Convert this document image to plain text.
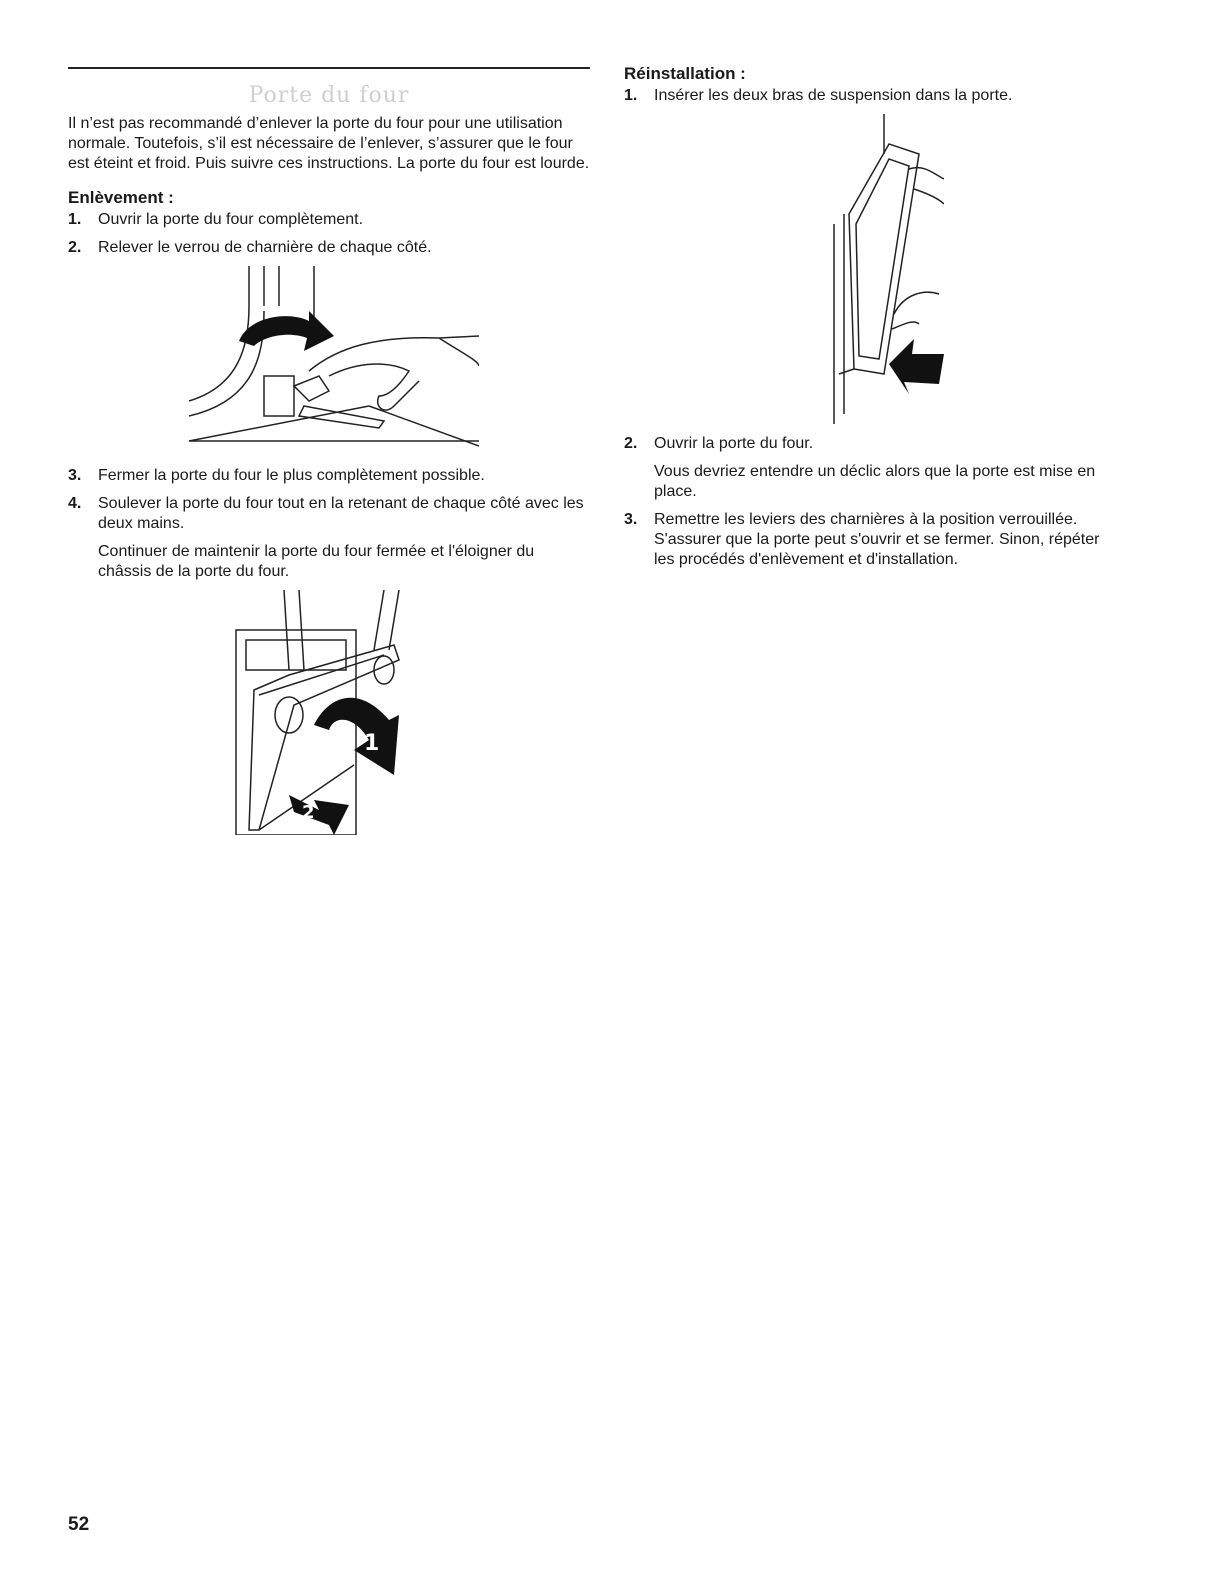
Porte du four

Il n’est pas recommandé d’enlever la porte du four pour une utilisation normale. Toutefois, s’il est nécessaire de l’enlever, s’assurer que le four est éteint et froid. Puis suivre ces instructions. La porte du four est lourde.

Enlèvement :
1. Ouvrir la porte du four complètement.
2. Relever le verrou de charnière de chaque côté.
3. Fermer la porte du four le plus complètement possible.
4. Soulever la porte du four tout en la retenant de chaque côté avec les deux mains.
Continuer de maintenir la porte du four fermée et l'éloigner du châssis de la porte du four.
1
2
Réinstallation :
1. Insérer les deux bras de suspension dans la porte.
2. Ouvrir la porte du four.
Vous devriez entendre un déclic alors que la porte est mise en place.
3. Remettre les leviers des charnières à la position verrouillée. S'assurer que la porte peut s'ouvrir et se fermer. Sinon, répéter les procédés d'enlèvement et d'installation.
52
